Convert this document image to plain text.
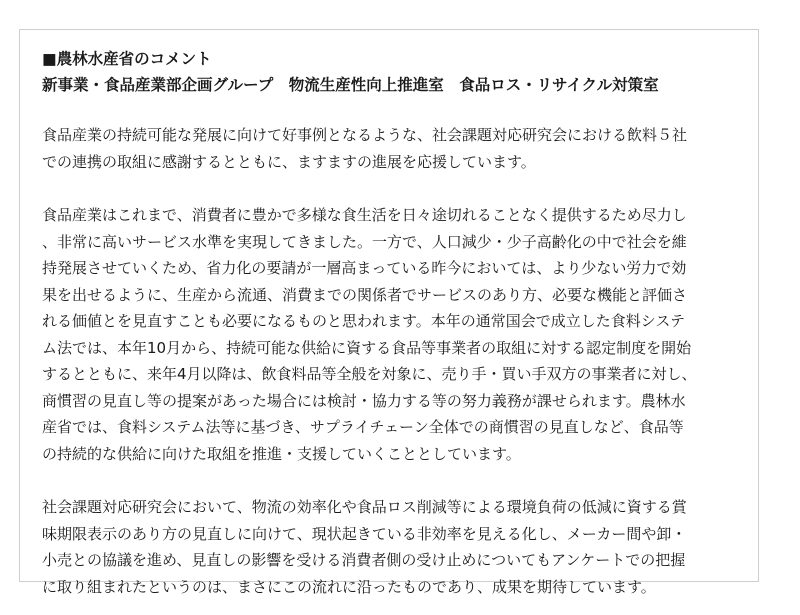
■農林水産省のコメント

新事業・食品産業部企画グループ　物流生産性向上推進室　食品ロス・リサイクル対策室

食品産業の持続可能な発展に向けて好事例となるような、社会課題対応研究会における飲料５社
での連携の取組に感謝するとともに、ますますの進展を応援しています。

食品産業はこれまで、消費者に豊かで多様な食生活を日々途切れることなく提供するため尽力し
、非常に高いサービス水準を実現してきました。一方で、人口減少・少子高齢化の中で社会を維
持発展させていくため、省力化の要請が一層高まっている昨今においては、より少ない労力で効
果を出せるように、生産から流通、消費までの関係者でサービスのあり方、必要な機能と評価さ
れる価値とを見直すことも必要になるものと思われます。本年の通常国会で成立した食料システ
ム法では、本年10月から、持続可能な供給に資する食品等事業者の取組に対する認定制度を開始
するとともに、来年4月以降は、飲食料品等全般を対象に、売り手・買い手双方の事業者に対し、
商慣習の見直し等の提案があった場合には検討・協力する等の努力義務が課せられます。農林水
産省では、食料システム法等に基づき、サプライチェーン全体での商慣習の見直しなど、食品等
の持続的な供給に向けた取組を推進・支援していくこととしています。

社会課題対応研究会において、物流の効率化や食品ロス削減等による環境負荷の低減に資する賞
味期限表示のあり方の見直しに向けて、現状起きている非効率を見える化し、メーカー間や卸・
小売との協議を進め、見直しの影響を受ける消費者側の受け止めについてもアンケートでの把握
に取り組まれたというのは、まさにこの流れに沿ったものであり、成果を期待しています。
